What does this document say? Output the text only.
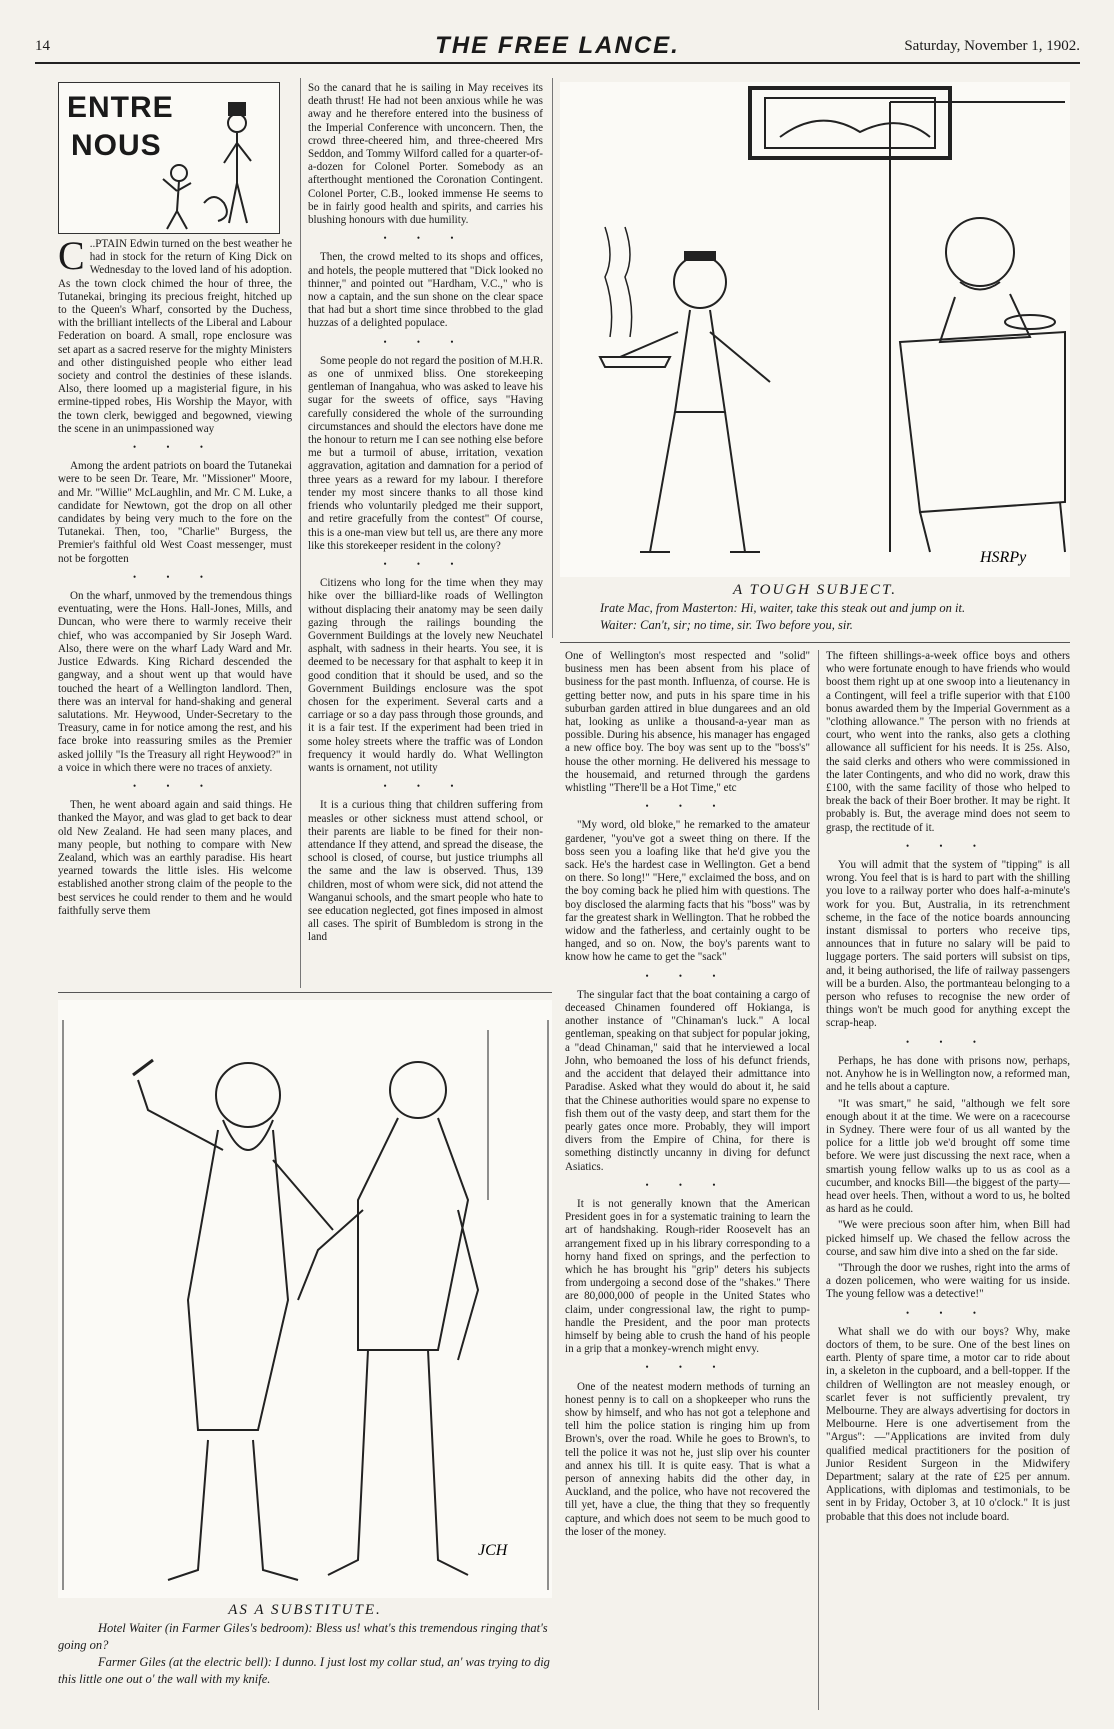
14	THE FREE LANCE.	Saturday, November 1, 1902.
ENTRE
NOUS

C ..PTAIN Edwin turned on the best weather he had in stock for the return of King Dick on Wednesday to the loved land of his adoption. As the town clock chimed the hour of three, the Tutanekai, bringing its precious freight, hitched up to the Queen's Wharf, consorted by the Duchess, with the brilliant intellects of the Liberal and Labour Federation on board. A small, rope enclosure was set apart as a sacred reserve for the mighty Ministers and other distinguished people who either lead society and control the destinies of these islands. Also, there loomed up a magisterial figure, in his ermine-tipped robes, His Worship the Mayor, with the town clerk, bewigged and begowned, viewing the scene in an unimpassioned way

• • •

Among the ardent patriots on board the Tutanekai were to be seen Dr. Teare, Mr. "Missioner" Moore, and Mr. "Willie" McLaughlin, and Mr. C M. Luke, a candidate for Newtown, got the drop on all other candidates by being very much to the fore on the Tutanekai. Then, too, "Charlie" Burgess, the Premier's faithful old West Coast messenger, must not be forgotten

• • •

On the wharf, unmoved by the tremendous things eventuating, were the Hons. Hall-Jones, Mills, and Duncan, who were there to warmly receive their chief, who was accompanied by Sir Joseph Ward. Also, there were on the wharf Lady Ward and Mr. Justice Edwards. King Richard descended the gangway, and a shout went up that would have touched the heart of a Wellington landlord. Then, there was an interval for hand-shaking and general salutations. Mr. Heywood, Under-Secretary to the Treasury, came in for notice among the rest, and his face broke into reassuring smiles as the Premier asked jollily "Is the Treasury all right Heywood?" in a voice in which there were no traces of anxiety.

• • •

Then, he went aboard again and said things. He thanked the Mayor, and was glad to get back to dear old New Zealand. He had seen many places, and many people, but nothing to compare with New Zealand, which was an earthly paradise. His heart yearned towards the little isles. His welcome established another strong claim of the people to the best services he could render to them and he would faithfully serve them

So the canard that he is sailing in May receives its death thrust! He had not been anxious while he was away and he therefore entered into the business of the Imperial Conference with unconcern. Then, the crowd three-cheered him, and three-cheered Mrs Seddon, and Tommy Wilford called for a quarter-of-a-dozen for Colonel Porter. Somebody as an afterthought mentioned the Coronation Contingent. Colonel Porter, C.B., looked immense He seems to be in fairly good health and spirits, and carries his blushing honours with due humility.

• • •

Then, the crowd melted to its shops and offices, and hotels, the people muttered that "Dick looked no thinner," and pointed out "Hardham, V.C.," who is now a captain, and the sun shone on the clear space that had but a short time since throbbed to the glad huzzas of a delighted populace.

• • •

Some people do not regard the position of M.H.R. as one of unmixed bliss. One storekeeping gentleman of Inangahua, who was asked to leave his sugar for the sweets of office, says "Having carefully considered the whole of the surrounding circumstances and should the electors have done me the honour to return me I can see nothing else before me but a turmoil of abuse, irritation, vexation aggravation, agitation and damnation for a period of three years as a reward for my labour. I therefore tender my most sincere thanks to all those kind friends who voluntarily pledged me their support, and retire gracefully from the contest" Of course, this is a one-man view but tell us, are there any more like this storekeeper resident in the colony?

• • •

Citizens who long for the time when they may hike over the billiard-like roads of Wellington without displacing their anatomy may be seen daily gazing through the railings bounding the Government Buildings at the lovely new Neuchatel asphalt, with sadness in their hearts. You see, it is deemed to be necessary for that asphalt to keep it in good condition that it should be used, and so the Government Buildings enclosure was the spot chosen for the experiment. Several carts and a carriage or so a day pass through those grounds, and it is a fair test. If the experiment had been tried in some holey streets where the traffic was of London frequency it would hardly do. What Wellington wants is ornament, not utility

• • •

It is a curious thing that children suffering from measles or other sickness must attend school, or their parents are liable to be fined for their non-attendance If they attend, and spread the disease, the school is closed, of course, but justice triumphs all the same and the law is observed. Thus, 139 children, most of whom were sick, did not attend the Wanganui schools, and the smart people who hate to see education neglected, got fines imposed in almost all cases. The spirit of Bumbledom is strong in the land

HSRPy
A TOUGH SUBJECT.
Irate Mac, from Masterton: Hi, waiter, take this steak out and jump on it.
Waiter: Can't, sir; no time, sir. Two before you, sir.

One of Wellington's most respected and "solid" business men has been absent from his place of business for the past month. Influenza, of course. He is getting better now, and puts in his spare time in his suburban garden attired in blue dungarees and an old hat, looking as unlike a thousand-a-year man as possible. During his absence, his manager has engaged a new office boy. The boy was sent up to the "boss's" house the other morning. He delivered his message to the housemaid, and returned through the gardens whistling "There'll be a Hot Time," etc

• • •

"My word, old bloke," he remarked to the amateur gardener, "you've got a sweet thing on there. If the boss seen you a loafing like that he'd give you the sack. He's the hardest case in Wellington. Get a bend on there. So long!" "Here," exclaimed the boss, and on the boy coming back he plied him with questions. The boy disclosed the alarming facts that his "boss" was by far the greatest shark in Wellington. That he robbed the widow and the fatherless, and certainly ought to be hanged, and so on. Now, the boy's parents want to know how he came to get the "sack"

• • •

The singular fact that the boat containing a cargo of deceased Chinamen foundered off Hokianga, is another instance of "Chinaman's luck." A local gentleman, speaking on that subject for popular joking, a "dead Chinaman," said that he interviewed a local John, who bemoaned the loss of his defunct friends, and the accident that delayed their admittance into Paradise. Asked what they would do about it, he said that the Chinese authorities would spare no expense to fish them out of the vasty deep, and start them for the pearly gates once more. Probably, they will import divers from the Empire of China, for there is something distinctly uncanny in diving for defunct Asiatics.

• • •

It is not generally known that the American President goes in for a systematic training to learn the art of handshaking. Rough-rider Roosevelt has an arrangement fixed up in his library corresponding to a horny hand fixed on springs, and the perfection to which he has brought his "grip" deters his subjects from undergoing a second dose of the "shakes." There are 80,000,000 of people in the United States who claim, under congressional law, the right to pump-handle the President, and the poor man protects himself by being able to crush the hand of his people in a grip that a monkey-wrench might envy.

• • •

One of the neatest modern methods of turning an honest penny is to call on a shopkeeper who runs the show by himself, and who has not got a telephone and tell him the police station is ringing him up from Brown's, over the road. While he goes to Brown's, to tell the police it was not he, just slip over his counter and annex his till. It is quite easy. That is what a person of annexing habits did the other day, in Auckland, and the police, who have not recovered the till yet, have a clue, the thing that they so frequently capture, and which does not seem to be much good to the loser of the money.

The fifteen shillings-a-week office boys and others who were fortunate enough to have friends who would boost them right up at one swoop into a lieutenancy in a Contingent, will feel a trifle superior with that £100 bonus awarded them by the Imperial Government as a "clothing allowance." The person with no friends at court, who went into the ranks, also gets a clothing allowance all sufficient for his needs. It is 25s. Also, the said clerks and others who were commissioned in the later Contingents, and who did no work, draw this £100, with the same facility of those who helped to break the back of their Boer brother. It may be right. It probably is. But, the average mind does not seem to grasp, the rectitude of it.

• • •

You will admit that the system of "tipping" is all wrong. You feel that is is hard to part with the shilling you love to a railway porter who does half-a-minute's work for you. But, Australia, in its retrenchment scheme, in the face of the notice boards announcing instant dismissal to porters who receive tips, announces that in future no salary will be paid to luggage porters. The said porters will subsist on tips, and, it being authorised, the life of railway passengers will be a burden. Also, the portmanteau belonging to a person who refuses to recognise the new order of things won't be much good for anything except the scrap-heap.

• • •

Perhaps, he has done with prisons now, perhaps, not. Anyhow he is in Wellington now, a reformed man, and he tells about a capture.

"It was smart," he said, "although we felt sore enough about it at the time. We were on a racecourse in Sydney. There were four of us all wanted by the police for a little job we'd brought off some time before. We were just discussing the next race, when a smartish young fellow walks up to us as cool as a cucumber, and knocks Bill—the biggest of the party—head over heels. Then, without a word to us, he bolted as hard as he could.

"We were precious soon after him, when Bill had picked himself up. We chased the fellow across the course, and saw him dive into a shed on the far side.

"Through the door we rushes, right into the arms of a dozen policemen, who were waiting for us inside. The young fellow was a detective!"

• • •

What shall we do with our boys? Why, make doctors of them, to be sure. One of the best lines on earth. Plenty of spare time, a motor car to ride about in, a skeleton in the cupboard, and a bell-topper. If the children of Wellington are not measley enough, or scarlet fever is not sufficiently prevalent, try Melbourne. They are always advertising for doctors in Melbourne. Here is one advertisement from the "Argus": —"Applications are invited from duly qualified medical practitioners for the position of Junior Resident Surgeon in the Midwifery Department; salary at the rate of £25 per annum. Applications, with diplomas and testimonials, to be sent in by Friday, October 3, at 10 o'clock." It is just probable that this does not include board.

JCH
AS A SUBSTITUTE.
Hotel Waiter (in Farmer Giles's bedroom): Bless us! what's this tremendous ringing that's going on?
Farmer Giles (at the electric bell): I dunno. I just lost my collar stud, an' was trying to dig this little one out o' the wall with my knife.
